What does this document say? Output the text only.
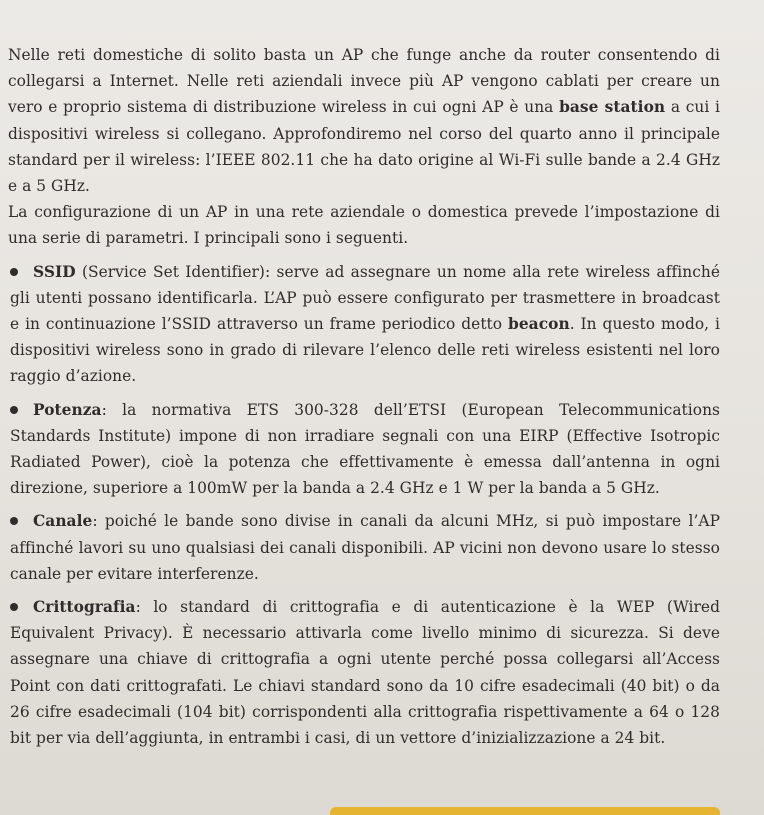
Nelle reti domestiche di solito basta un AP che funge anche da router consentendo di collegarsi a Internet. Nelle reti aziendali invece più AP vengono cablati per creare un vero e proprio sistema di distribuzione wireless in cui ogni AP è una base station a cui i dispositivi wireless si collegano. Approfondiremo nel corso del quarto anno il principale standard per il wireless: l’IEEE 802.11 che ha dato origine al Wi-Fi sulle bande a 2.4 GHz e a 5 GHz.

La configurazione di un AP in una rete aziendale o domestica prevede l’impostazione di una serie di parametri. I principali sono i seguenti.

SSID (Service Set Identifier): serve ad assegnare un nome alla rete wireless affinché gli utenti possano identificarla. L’AP può essere configurato per trasmettere in broadcast e in continuazione l’SSID attraverso un frame periodico detto beacon. In questo modo, i dispositivi wireless sono in grado di rilevare l’elenco delle reti wireless esistenti nel loro raggio d’azione.
Potenza: la normativa ETS 300-328 dell’ETSI (European Telecommunications Standards Institute) impone di non irradiare segnali con una EIRP (Effective Isotropic Radiated Power), cioè la potenza che effettivamente è emessa dall’antenna in ogni direzione, superiore a 100mW per la banda a 2.4 GHz e 1 W per la banda a 5 GHz.
Canale: poiché le bande sono divise in canali da alcuni MHz, si può impostare l’AP affinché lavori su uno qualsiasi dei canali disponibili. AP vicini non devono usare lo stesso canale per evitare interferenze.
Crittografia: lo standard di crittografia e di autenticazione è la WEP (Wired Equivalent Privacy). È necessario attivarla come livello minimo di sicurezza. Si deve assegnare una chiave di crittografia a ogni utente perché possa collegarsi all’Access Point con dati crittografati. Le chiavi standard sono da 10 cifre esadecimali (40 bit) o da 26 cifre esadecimali (104 bit) corrispondenti alla crittografia rispettivamente a 64 o 128 bit per via dell’aggiunta, in entrambi i casi, di un vettore d’inizializzazione a 24 bit.
